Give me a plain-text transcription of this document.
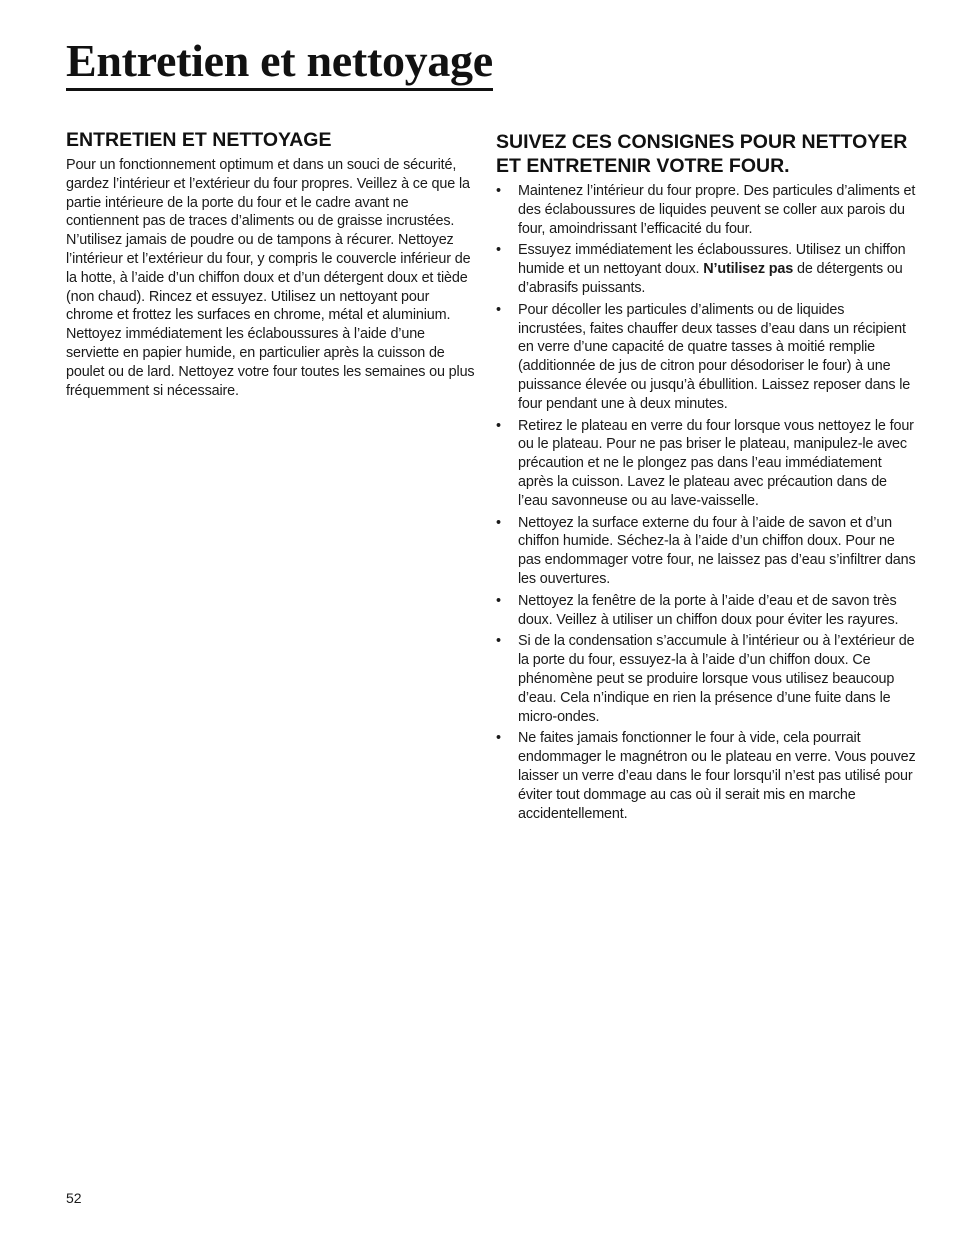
Entretien et nettoyage
ENTRETIEN ET NETTOYAGE

Pour un fonctionnement optimum et dans un souci de sécurité, gardez l’intérieur et l’extérieur du four propres. Veillez à ce que la partie intérieure de la porte du four et le cadre avant ne contiennent pas de traces d’aliments ou de graisse incrustées. N’utilisez jamais de poudre ou de tampons à récurer. Nettoyez l’intérieur et l’extérieur du four, y compris le couvercle inférieur de la hotte, à l’aide d’un chiffon doux et d’un détergent doux et tiède (non chaud). Rincez et essuyez. Utilisez un nettoyant pour chrome et frottez les surfaces en chrome, métal et aluminium. Nettoyez immédiatement les éclaboussures à l’aide d’une serviette en papier humide, en particulier après la cuisson de poulet ou de lard. Nettoyez votre four toutes les semaines ou plus fréquemment si nécessaire.

SUIVEZ CES CONSIGNES POUR NETTOYER ET ENTRETENIR VOTRE FOUR.
• Maintenez l’intérieur du four propre. Des particules d’aliments et des éclaboussures de liquides peuvent se coller aux parois du four, amoindrissant l’efficacité du four.
• Essuyez immédiatement les éclaboussures. Utilisez un chiffon humide et un nettoyant doux. N’utilisez pas de détergents ou d’abrasifs puissants.
• Pour décoller les particules d’aliments ou de liquides incrustées, faites chauffer deux tasses d’eau dans un récipient en verre d’une capacité de quatre tasses à moitié remplie (additionnée de jus de citron pour désodoriser le four) à une puissance élevée ou jusqu’à ébullition. Laissez reposer dans le four pendant une à deux minutes.
• Retirez le plateau en verre du four lorsque vous nettoyez le four ou le plateau. Pour ne pas briser le plateau, manipulez-le avec précaution et ne le plongez pas dans l’eau immédiatement après la cuisson. Lavez le plateau avec précaution dans de l’eau savonneuse ou au lave-vaisselle.
• Nettoyez la surface externe du four à l’aide de savon et d’un chiffon humide. Séchez-la à l’aide d’un chiffon doux. Pour ne pas endommager votre four, ne laissez pas d’eau s’infiltrer dans les ouvertures.
• Nettoyez la fenêtre de la porte à l’aide d’eau et de savon très doux. Veillez à utiliser un chiffon doux pour éviter les rayures.
• Si de la condensation s’accumule à l’intérieur ou à l’extérieur de la porte du four, essuyez-la à l’aide d’un chiffon doux. Ce phénomène peut se produire lorsque vous utilisez beaucoup d’eau. Cela n’indique en rien la présence d’une fuite dans le micro-ondes.
• Ne faites jamais fonctionner le four à vide, cela pourrait endommager le magnétron ou le plateau en verre. Vous pouvez laisser un verre d’eau dans le four lorsqu’il n’est pas utilisé pour éviter tout dommage au cas où il serait mis en marche accidentellement.
52
